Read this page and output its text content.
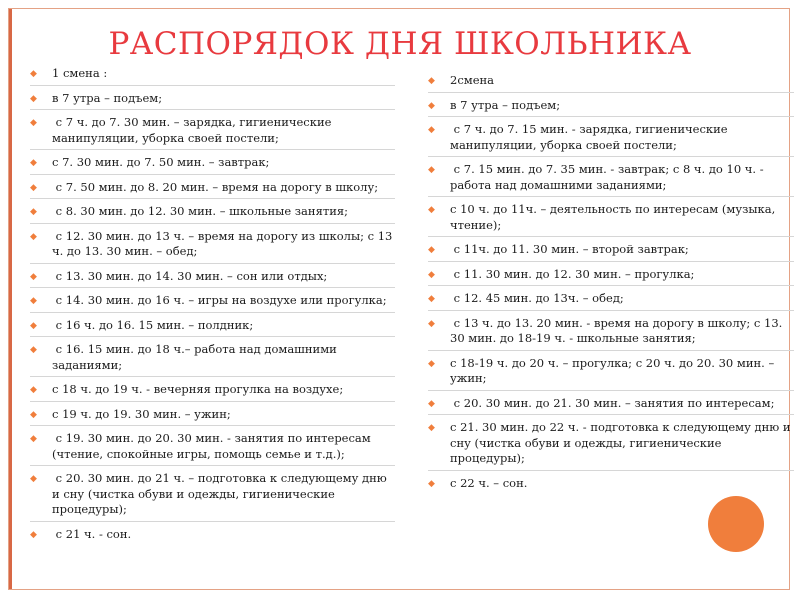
РАСПОРЯДОК ДНЯ ШКОЛЬНИКА
◆ 1 смена :
◆ в 7 утра – подъем;
◆ с 7 ч. до 7. 30 мин. – зарядка, гигиенические манипуляции, уборка своей постели;
◆ с 7. 30 мин. до 7. 50 мин. – завтрак;
◆ с 7. 50 мин. до 8. 20 мин. – время на дорогу в школу;
◆ с 8. 30 мин. до 12. 30 мин. – школьные занятия;
◆ с 12. 30 мин. до 13 ч. – время на дорогу из школы; с 13 ч. до 13. 30 мин. – обед;
◆ с 13. 30 мин. до 14. 30 мин. – сон или отдых;
◆ с 14. 30 мин. до 16 ч. – игры на воздухе или прогулка;
◆ с 16 ч. до 16. 15 мин. – полдник;
◆ с 16. 15 мин. до 18 ч.– работа над домашними заданиями;
◆ с 18 ч. до 19 ч. - вечерняя прогулка на воздухе;
◆ с 19 ч. до 19. 30 мин. – ужин;
◆ с 19. 30 мин. до 20. 30 мин. - занятия по интересам (чтение, спокойные игры, помощь семье и т.д.);
◆ с 20. 30 мин. до 21 ч. – подготовка к следующему дню и сну (чистка обуви и одежды, гигиенические процедуры);
◆ с 21 ч. - сон.
◆ 2смена
◆ в 7 утра – подъем;
◆ с 7 ч. до 7. 15 мин. - зарядка, гигиенические манипуляции, уборка своей постели;
◆ с 7. 15 мин. до 7. 35 мин. - завтрак; с 8 ч. до 10 ч. - работа над домашними заданиями;
◆ с 10 ч. до 11ч. – деятельность по интересам (музыка, чтение);
◆ с 11ч. до 11. 30 мин. – второй завтрак;
◆ с 11. 30 мин. до 12. 30 мин. – прогулка;
◆ с 12. 45 мин. до 13ч. – обед;
◆ с 13 ч. до 13. 20 мин. - время на дорогу в школу; с 13. 30 мин. до 18-19 ч. - школьные занятия;
◆ с 18-19 ч. до 20 ч. – прогулка; с 20 ч. до 20. 30 мин. – ужин;
◆ с 20. 30 мин. до 21. 30 мин. – занятия по интересам;
◆ с 21. 30 мин. до 22 ч. - подготовка к следующему дню и сну (чистка обуви и одежды, гигиенические процедуры);
◆ с 22 ч. – сон.
